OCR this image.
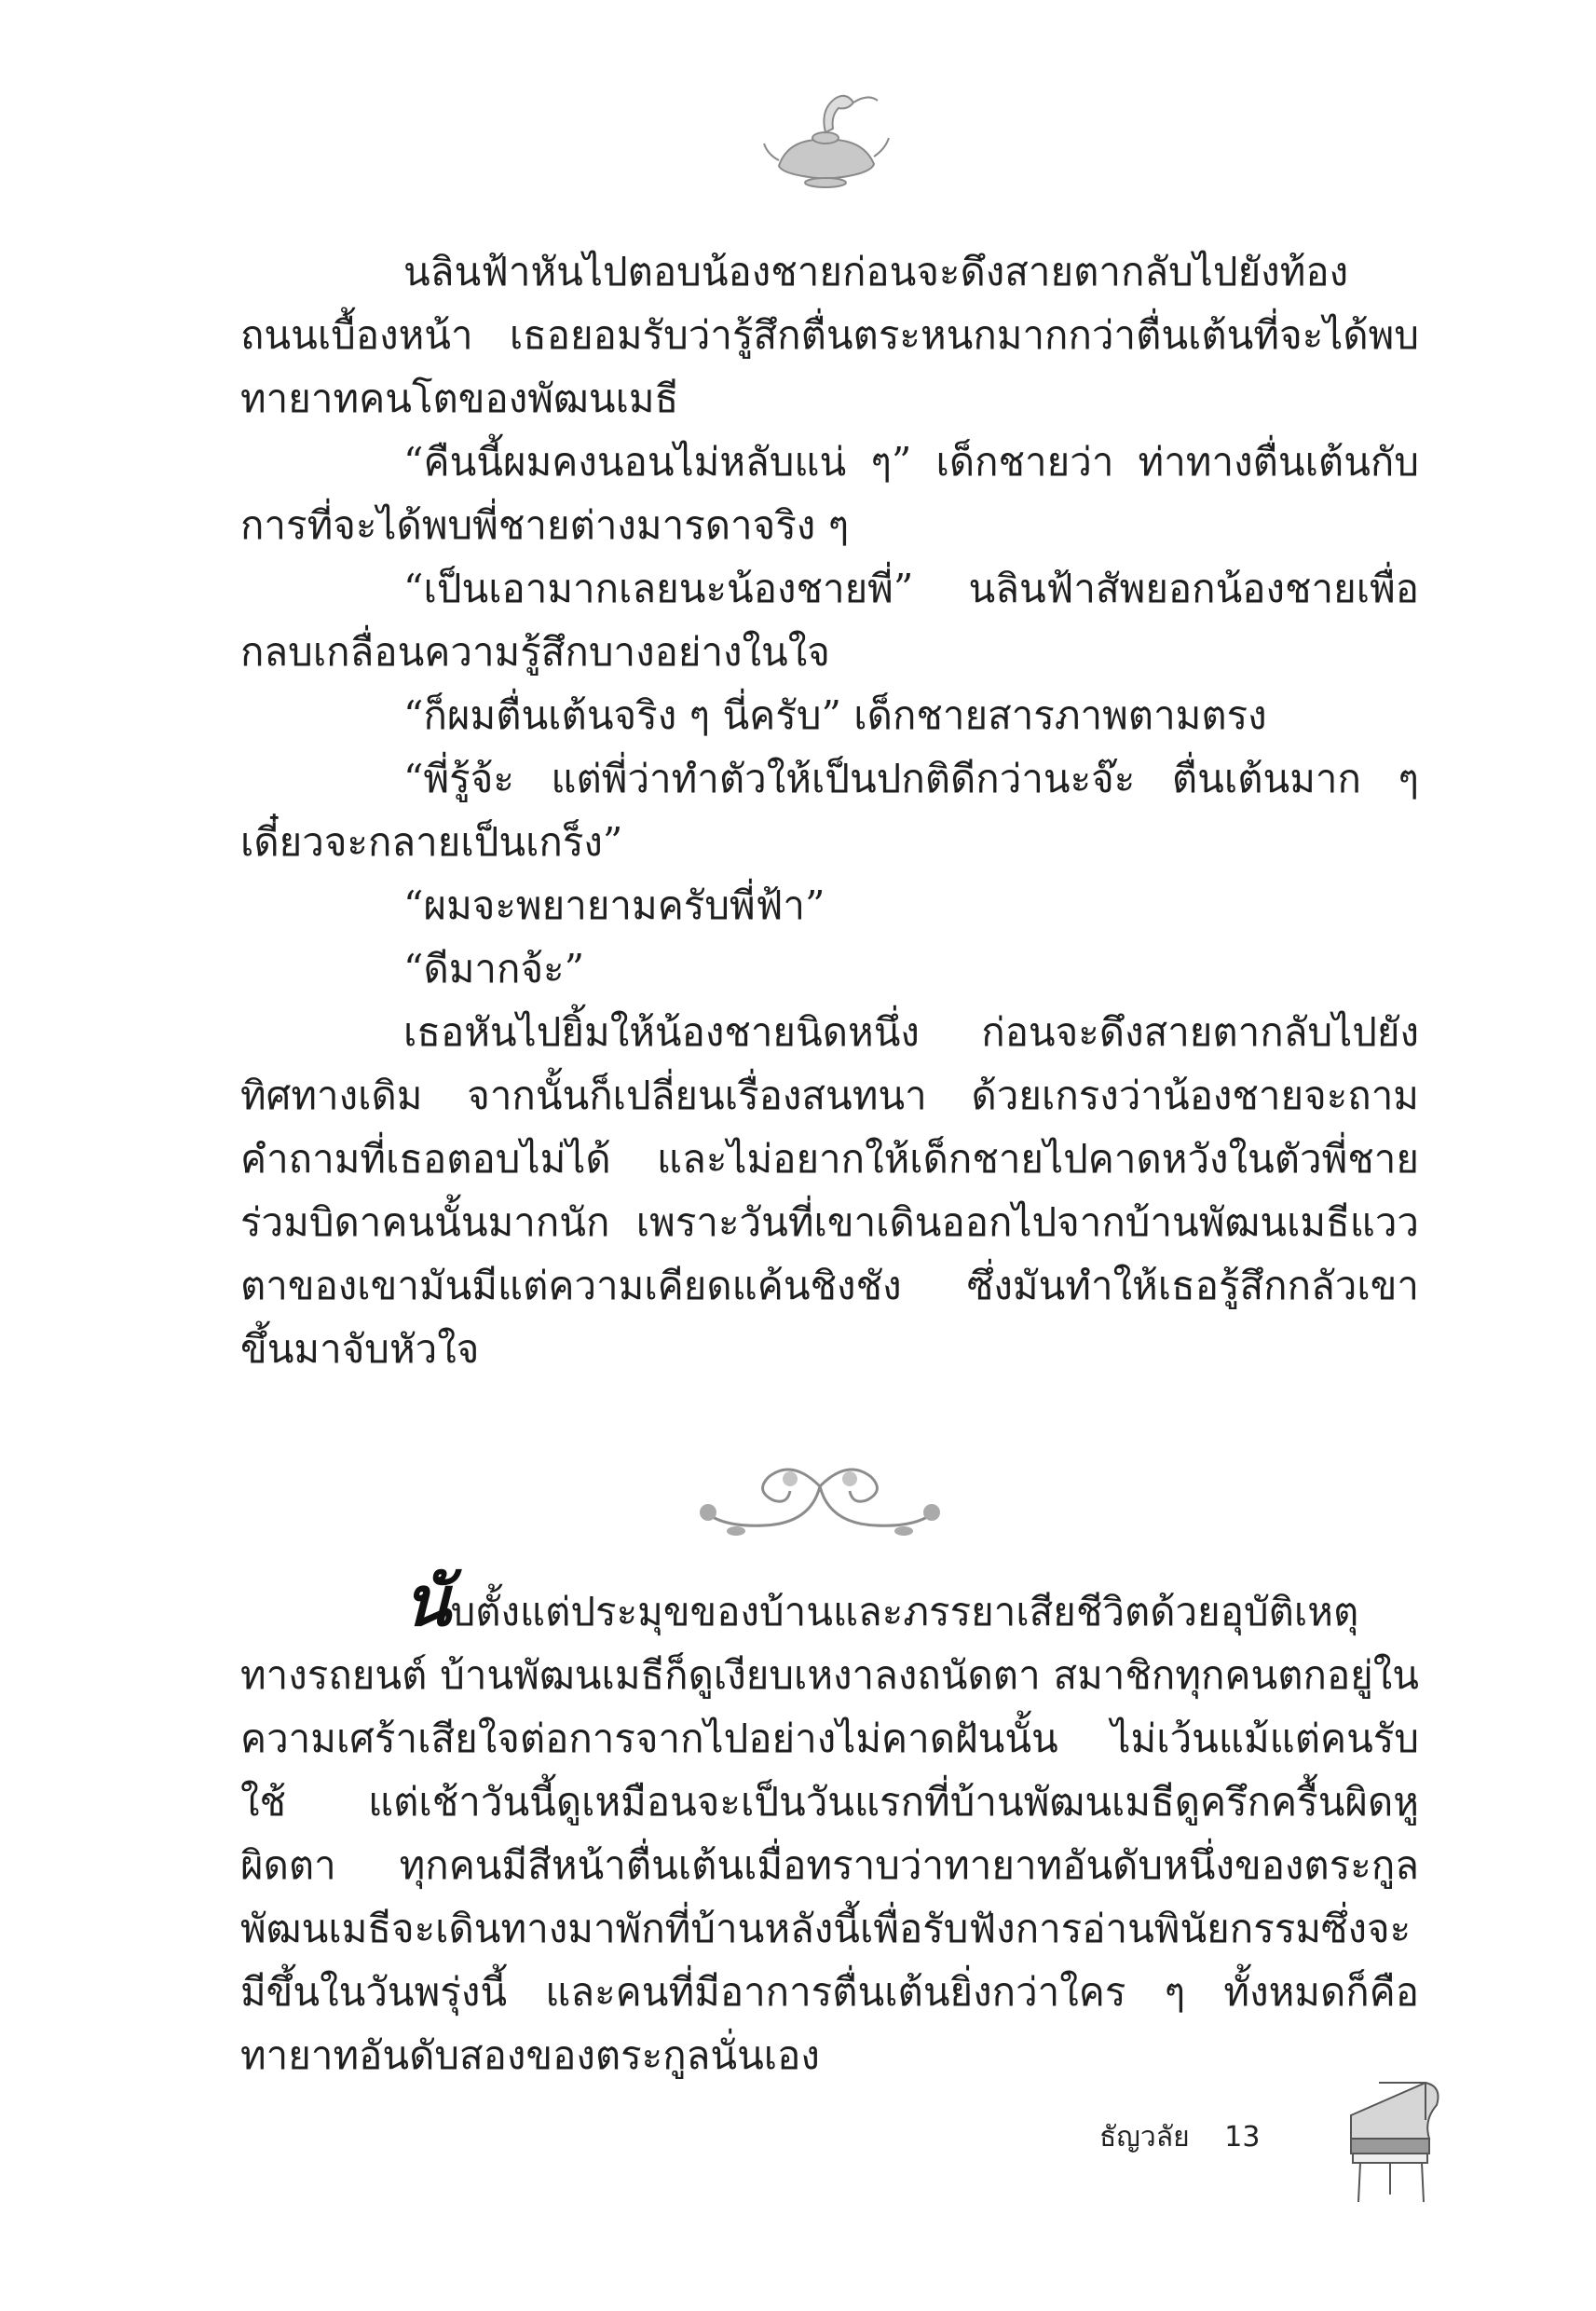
นลินฟ้าหันไปตอบน้องชายก่อนจะดึงสายตากลับไปยังท้องถนนเบื้องหน้า เธอยอมรับว่ารู้สึกตื่นตระหนกมากกว่าตื่นเต้นที่จะได้พบทายาทคนโตของพัฒนเมธี

“คืนนี้ผมคงนอนไม่หลับแน่ ๆ” เด็กชายว่า ท่าทางตื่นเต้นกับการที่จะได้พบพี่ชายต่างมารดาจริง ๆ

“เป็นเอามากเลยนะน้องชายพี่” นลินฟ้าสัพยอกน้องชายเพื่อกลบเกลื่อนความรู้สึกบางอย่างในใจ

“ก็ผมตื่นเต้นจริง ๆ นี่ครับ” เด็กชายสารภาพตามตรง

“พี่รู้จ้ะ แต่พี่ว่าทำตัวให้เป็นปกติดีกว่านะจ๊ะ ตื่นเต้นมาก ๆ เดี๋ยวจะกลายเป็นเกร็ง”

“ผมจะพยายามครับพี่ฟ้า”

“ดีมากจ้ะ”

เธอหันไปยิ้มให้น้องชายนิดหนึ่ง ก่อนจะดึงสายตากลับไปยังทิศทางเดิม จากนั้นก็เปลี่ยนเรื่องสนทนา ด้วยเกรงว่าน้องชายจะถามคำถามที่เธอตอบไม่ได้ และไม่อยากให้เด็กชายไปคาดหวังในตัวพี่ชายร่วมบิดาคนนั้นมากนัก เพราะวันที่เขาเดินออกไปจากบ้านพัฒนเมธีแววตาของเขามันมีแต่ความเคียดแค้นชิงชัง ซึ่งมันทำให้เธอรู้สึกกลัวเขาขึ้นมาจับหัวใจ

นับตั้งแต่ประมุขของบ้านและภรรยาเสียชีวิตด้วยอุบัติเหตุทางรถยนต์ บ้านพัฒนเมธีก็ดูเงียบเหงาลงถนัดตา สมาชิกทุกคนตกอยู่ในความเศร้าเสียใจต่อการจากไปอย่างไม่คาดฝันนั้น ไม่เว้นแม้แต่คนรับใช้ แต่เช้าวันนี้ดูเหมือนจะเป็นวันแรกที่บ้านพัฒนเมธีดูครึกครื้นผิดหูผิดตา ทุกคนมีสีหน้าตื่นเต้นเมื่อทราบว่าทายาทอันดับหนึ่งของตระกูลพัฒนเมธีจะเดินทางมาพักที่บ้านหลังนี้เพื่อรับฟังการอ่านพินัยกรรมซึ่งจะมีขึ้นในวันพรุ่งนี้ และคนที่มีอาการตื่นเต้นยิ่งกว่าใคร ๆ ทั้งหมดก็คือทายาทอันดับสองของตระกูลนั่นเอง

ธัญวลัย 13
